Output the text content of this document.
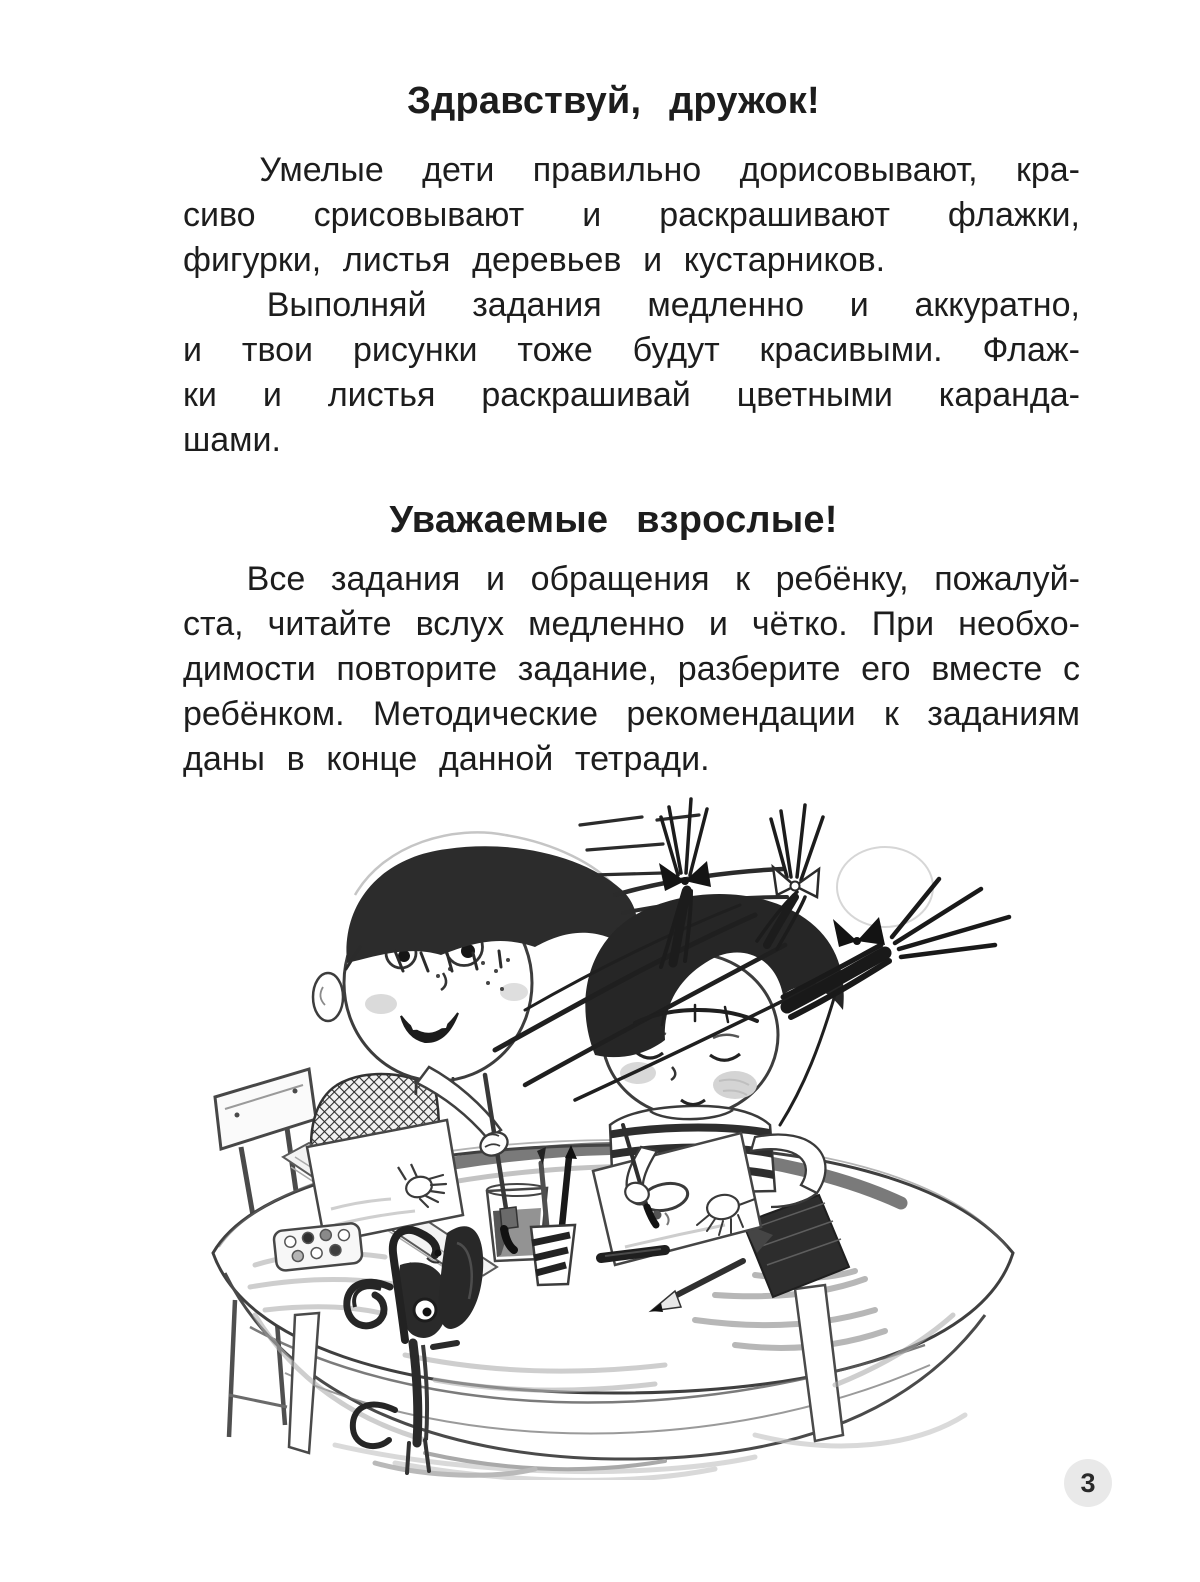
Здравствуй, дружок!
Умелые дети правильно дорисовывают, кра-
сиво срисовывают и раскрашивают флажки,
фигурки, листья деревьев и кустарников.
Выполняй задания медленно и аккуратно,
и твои рисунки тоже будут красивыми. Флаж-
ки и листья раскрашивай цветными каранда-
шами.
Уважаемые взрослые!
Все задания и обращения к ребёнку, пожалуй-
ста, читайте вслух медленно и чётко. При необхо-
димости повторите задание, разберите его вместе с
ребёнком. Методические рекомендации к заданиям
даны в конце данной тетради.
3
